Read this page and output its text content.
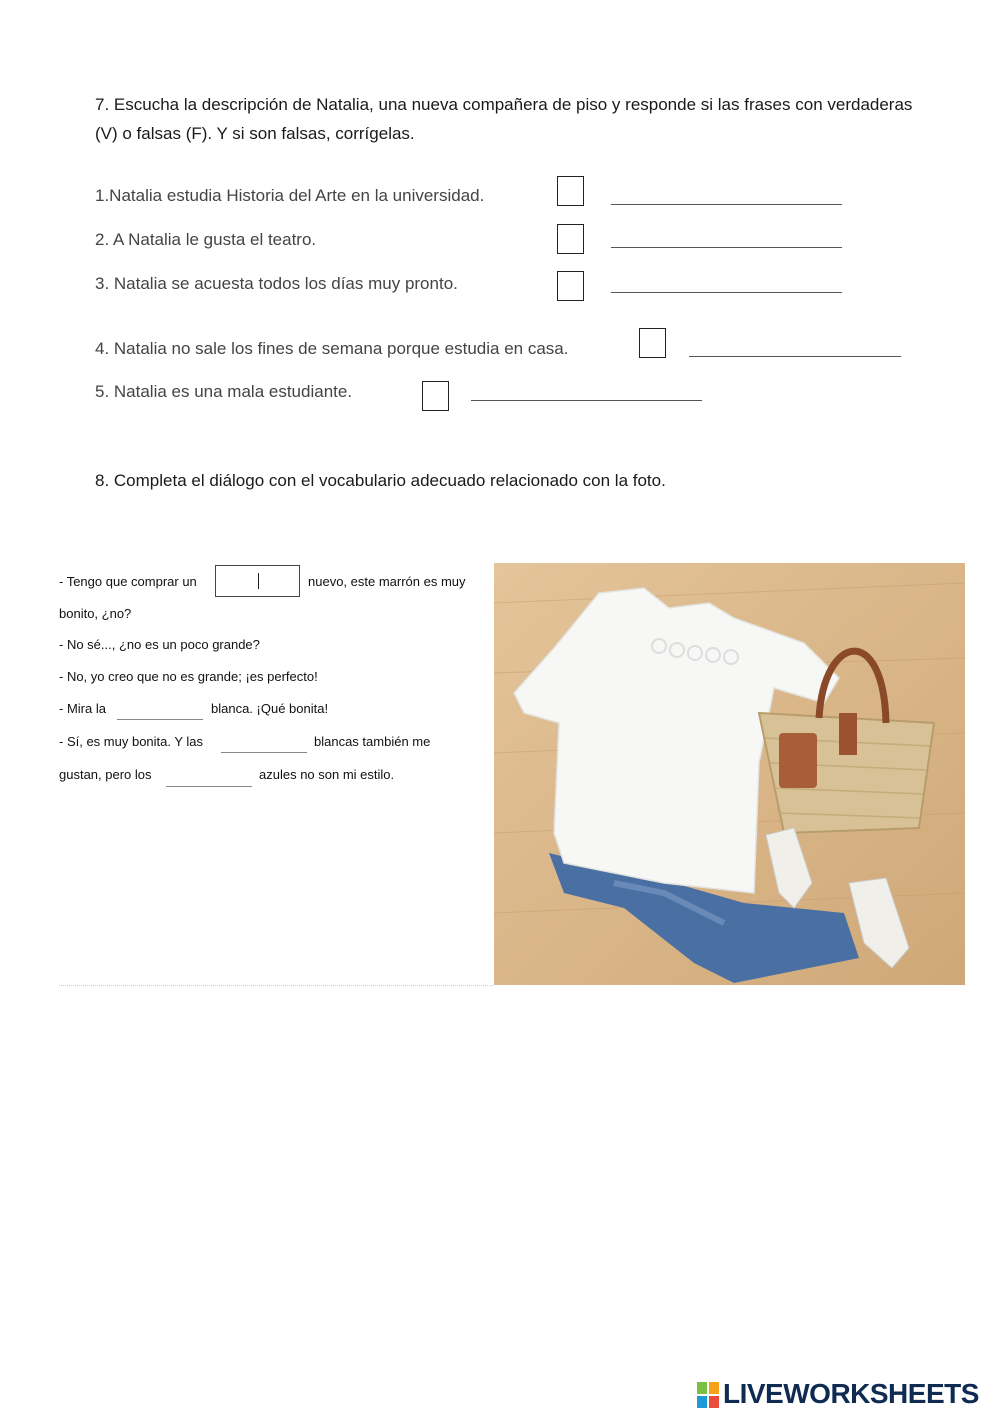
7. Escucha la descripción de Natalia, una nueva compañera de piso y responde si las frases con verdaderas (V) o falsas (F). Y si son falsas, corrígelas.
1.Natalia estudia Historia del Arte en la universidad.
2. A Natalia le gusta el teatro.
3. Natalia se acuesta todos los días muy pronto.
4. Natalia no sale los fines de semana porque estudia en casa.
5. Natalia es una mala estudiante.
8. Completa el diálogo con el vocabulario adecuado relacionado con la foto.
- Tengo que comprar un	nuevo, este marrón es muy
bonito, ¿no?
- No sé..., ¿no es un poco grande?
- No, yo creo que no es grande; ¡es perfecto!
- Mira la	blanca. ¡Qué bonita!
- Sí, es muy bonita. Y las	blancas también me
gustan, pero los	azules no son mi estilo.
LIVEWORKSHEETS
